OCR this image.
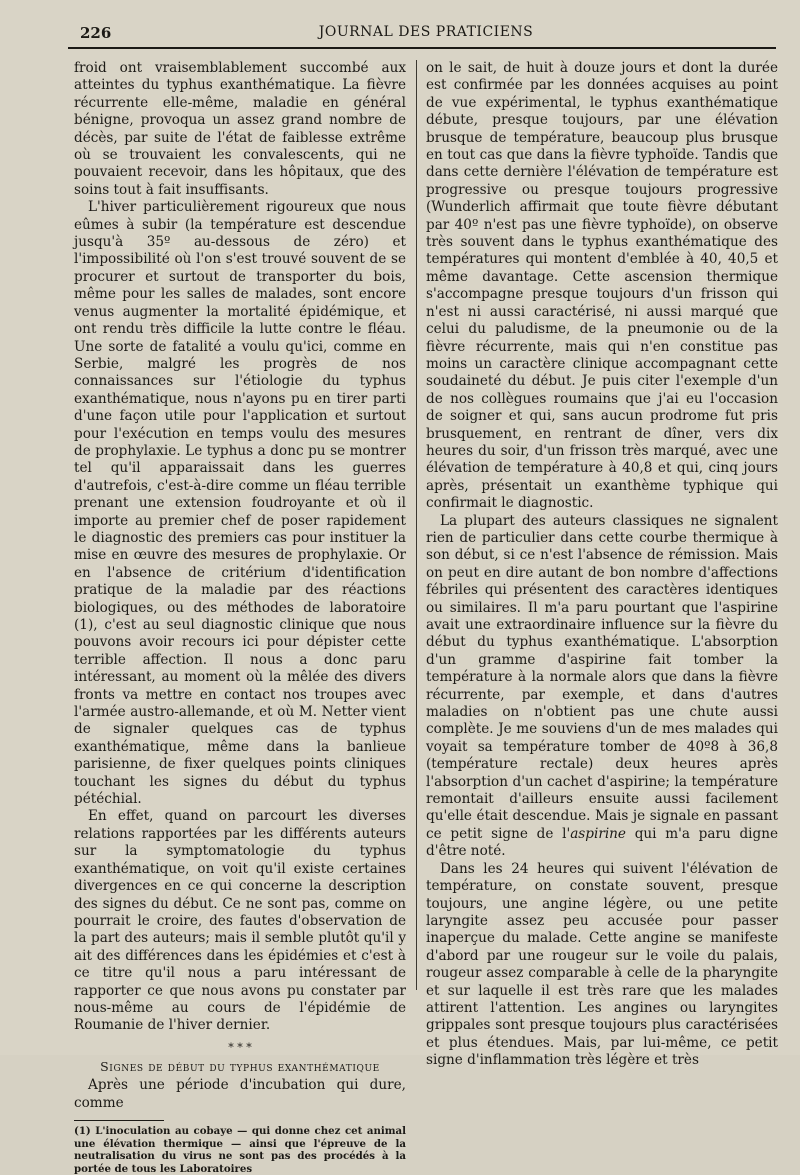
226	JOURNAL DES PRATICIENS

froid ont vraisemblablement succombé aux atteintes du typhus exanthématique. La fièvre récurrente elle-même, maladie en général bénigne, provoqua un assez grand nombre de décès, par suite de l'état de faiblesse extrême où se trouvaient les convalescents, qui ne pouvaient recevoir, dans les hôpitaux, que des soins tout à fait insuffisants.

L'hiver particulièrement rigoureux que nous eûmes à subir (la température est descendue jusqu'à 35º au-dessous de zéro) et l'impossibilité où l'on s'est trouvé souvent de se procurer et surtout de transporter du bois, même pour les salles de malades, sont encore venus augmenter la mortalité épidémique, et ont rendu très difficile la lutte contre le fléau. Une sorte de fatalité a voulu qu'ici, comme en Serbie, malgré les progrès de nos connaissances sur l'étiologie du typhus exanthématique, nous n'ayons pu en tirer parti d'une façon utile pour l'application et surtout pour l'exécution en temps voulu des mesures de prophylaxie. Le typhus a donc pu se montrer tel qu'il apparaissait dans les guerres d'autrefois, c'est-à-dire comme un fléau terrible prenant une extension foudroyante et où il importe au premier chef de poser rapidement le diagnostic des premiers cas pour instituer la mise en œuvre des mesures de prophylaxie. Or en l'absence de critérium d'identification pratique de la maladie par des réactions biologiques, ou des méthodes de laboratoire (1), c'est au seul diagnostic clinique que nous pouvons avoir recours ici pour dépister cette terrible affection. Il nous a donc paru intéressant, au moment où la mêlée des divers fronts va mettre en contact nos troupes avec l'armée austro-allemande, et où M. Netter vient de signaler quelques cas de typhus exanthématique, même dans la banlieue parisienne, de fixer quelques points cliniques touchant les signes du début du typhus pétéchial.

En effet, quand on parcourt les diverses relations rapportées par les différents auteurs sur la symptomatologie du typhus exanthématique, on voit qu'il existe certaines divergences en ce qui concerne la description des signes du début. Ce ne sont pas, comme on pourrait le croire, des fautes d'observation de la part des auteurs; mais il semble plutôt qu'il y ait des différences dans les épidémies et c'est à ce titre qu'il nous a paru intéressant de rapporter ce que nous avons pu constater par nous-même au cours de l'épidémie de Roumanie de l'hiver dernier.

* * *
Signes de début du typhus exanthématique

Après une période d'incubation qui dure, comme

(1) L'inoculation au cobaye — qui donne chez cet animal une élévation thermique — ainsi que l'épreuve de la neutralisation du virus ne sont pas des procédés à la portée de tous les Laboratoires

on le sait, de huit à douze jours et dont la durée est confirmée par les données acquises au point de vue expérimental, le typhus exanthématique débute, presque toujours, par une élévation brusque de température, beaucoup plus brusque en tout cas que dans la fièvre typhoïde. Tandis que dans cette dernière l'élévation de température est progressive ou presque toujours progressive (Wunderlich affirmait que toute fièvre débutant par 40º n'est pas une fièvre typhoïde), on observe très souvent dans le typhus exanthématique des températures qui montent d'emblée à 40, 40,5 et même davantage. Cette ascension thermique s'accompagne presque toujours d'un frisson qui n'est ni aussi caractérisé, ni aussi marqué que celui du paludisme, de la pneumonie ou de la fièvre récurrente, mais qui n'en constitue pas moins un caractère clinique accompagnant cette soudaineté du début. Je puis citer l'exemple d'un de nos collègues roumains que j'ai eu l'occasion de soigner et qui, sans aucun prodrome fut pris brusquement, en rentrant de dîner, vers dix heures du soir, d'un frisson très marqué, avec une élévation de température à 40,8 et qui, cinq jours après, présentait un exanthème typhique qui confirmait le diagnostic.

La plupart des auteurs classiques ne signalent rien de particulier dans cette courbe thermique à son début, si ce n'est l'absence de rémission. Mais on peut en dire autant de bon nombre d'affections fébriles qui présentent des caractères identiques ou similaires. Il m'a paru pourtant que l'aspirine avait une extraordinaire influence sur la fièvre du début du typhus exanthématique. L'absorption d'un gramme d'aspirine fait tomber la température à la normale alors que dans la fièvre récurrente, par exemple, et dans d'autres maladies on n'obtient pas une chute aussi complète. Je me souviens d'un de mes malades qui voyait sa température tomber de 40º8 à 36,8 (température rectale) deux heures après l'absorption d'un cachet d'aspirine; la température remontait d'ailleurs ensuite aussi facilement qu'elle était descendue. Mais je signale en passant ce petit signe de l'aspirine qui m'a paru digne d'être noté.

Dans les 24 heures qui suivent l'élévation de température, on constate souvent, presque toujours, une angine légère, ou une petite laryngite assez peu accusée pour passer inaperçue du malade. Cette angine se manifeste d'abord par une rougeur sur le voile du palais, rougeur assez comparable à celle de la pharyngite et sur laquelle il est très rare que les malades attirent l'attention. Les angines ou laryngites grippales sont presque toujours plus caractérisées et plus étendues. Mais, par lui-même, ce petit signe d'inflammation très légère et très
